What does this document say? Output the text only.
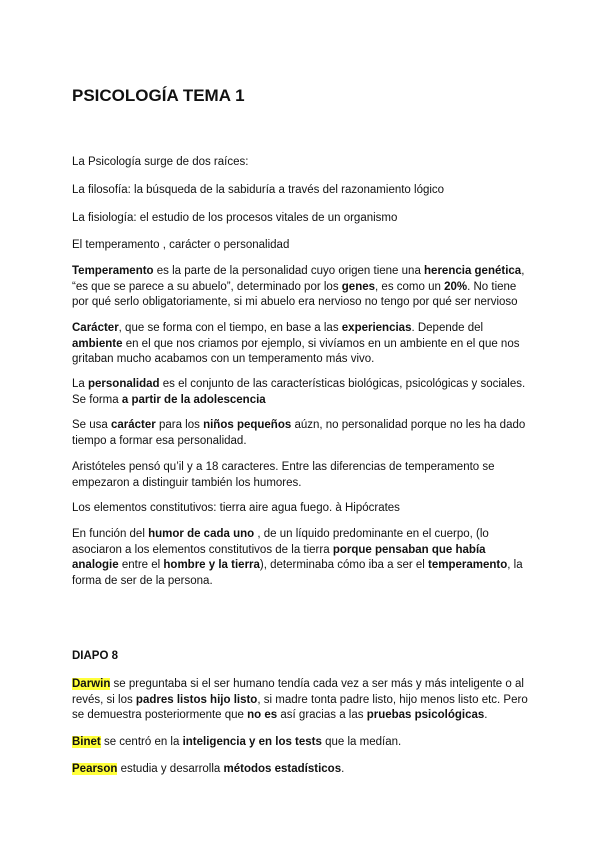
PSICOLOGÍA TEMA 1

La Psicología surge de dos raíces:

La filosofía: la búsqueda de la sabiduría a través del razonamiento lógico

La fisiología: el estudio de los procesos vitales de un organismo

El temperamento , carácter o personalidad

Temperamento es la parte de la personalidad cuyo origen tiene una herencia genética, “es que se parece a su abuelo”, determinado por los genes, es como un 20%. No tiene por qué serlo obligatoriamente, si mi abuelo era nervioso no tengo por qué ser nervioso

Carácter, que se forma con el tiempo, en base a las experiencias. Depende del ambiente en el que nos criamos por ejemplo, si vivíamos en un ambiente en el que nos gritaban mucho acabamos con un temperamento más vivo.

La personalidad es el conjunto de las características biológicas, psicológicas y sociales. Se forma a partir de la adolescencia

Se usa carácter para los niños pequeños aúzn, no personalidad porque no les ha dado tiempo a formar esa personalidad.

Aristóteles pensó qu’il y a 18 caracteres. Entre las diferencias de temperamento se empezaron a distinguir también los humores.

Los elementos constitutivos: tierra aire agua fuego. à Hipócrates

En función del humor de cada uno , de un líquido predominante en el cuerpo, (lo asociaron a los elementos constitutivos de la tierra porque pensaban que había analogie entre el hombre y la tierra), determinaba cómo iba a ser el temperamento, la forma de ser de la persona.

DIAPO 8

Darwin se preguntaba si el ser humano tendía cada vez a ser más y más inteligente o al revés, si los padres listos hijo listo, si madre tonta padre listo, hijo menos listo etc. Pero se demuestra posteriormente que no es así gracias a las pruebas psicológicas.

Binet se centró en la inteligencia y en los tests que la medían.

Pearson estudia y desarrolla métodos estadísticos.
